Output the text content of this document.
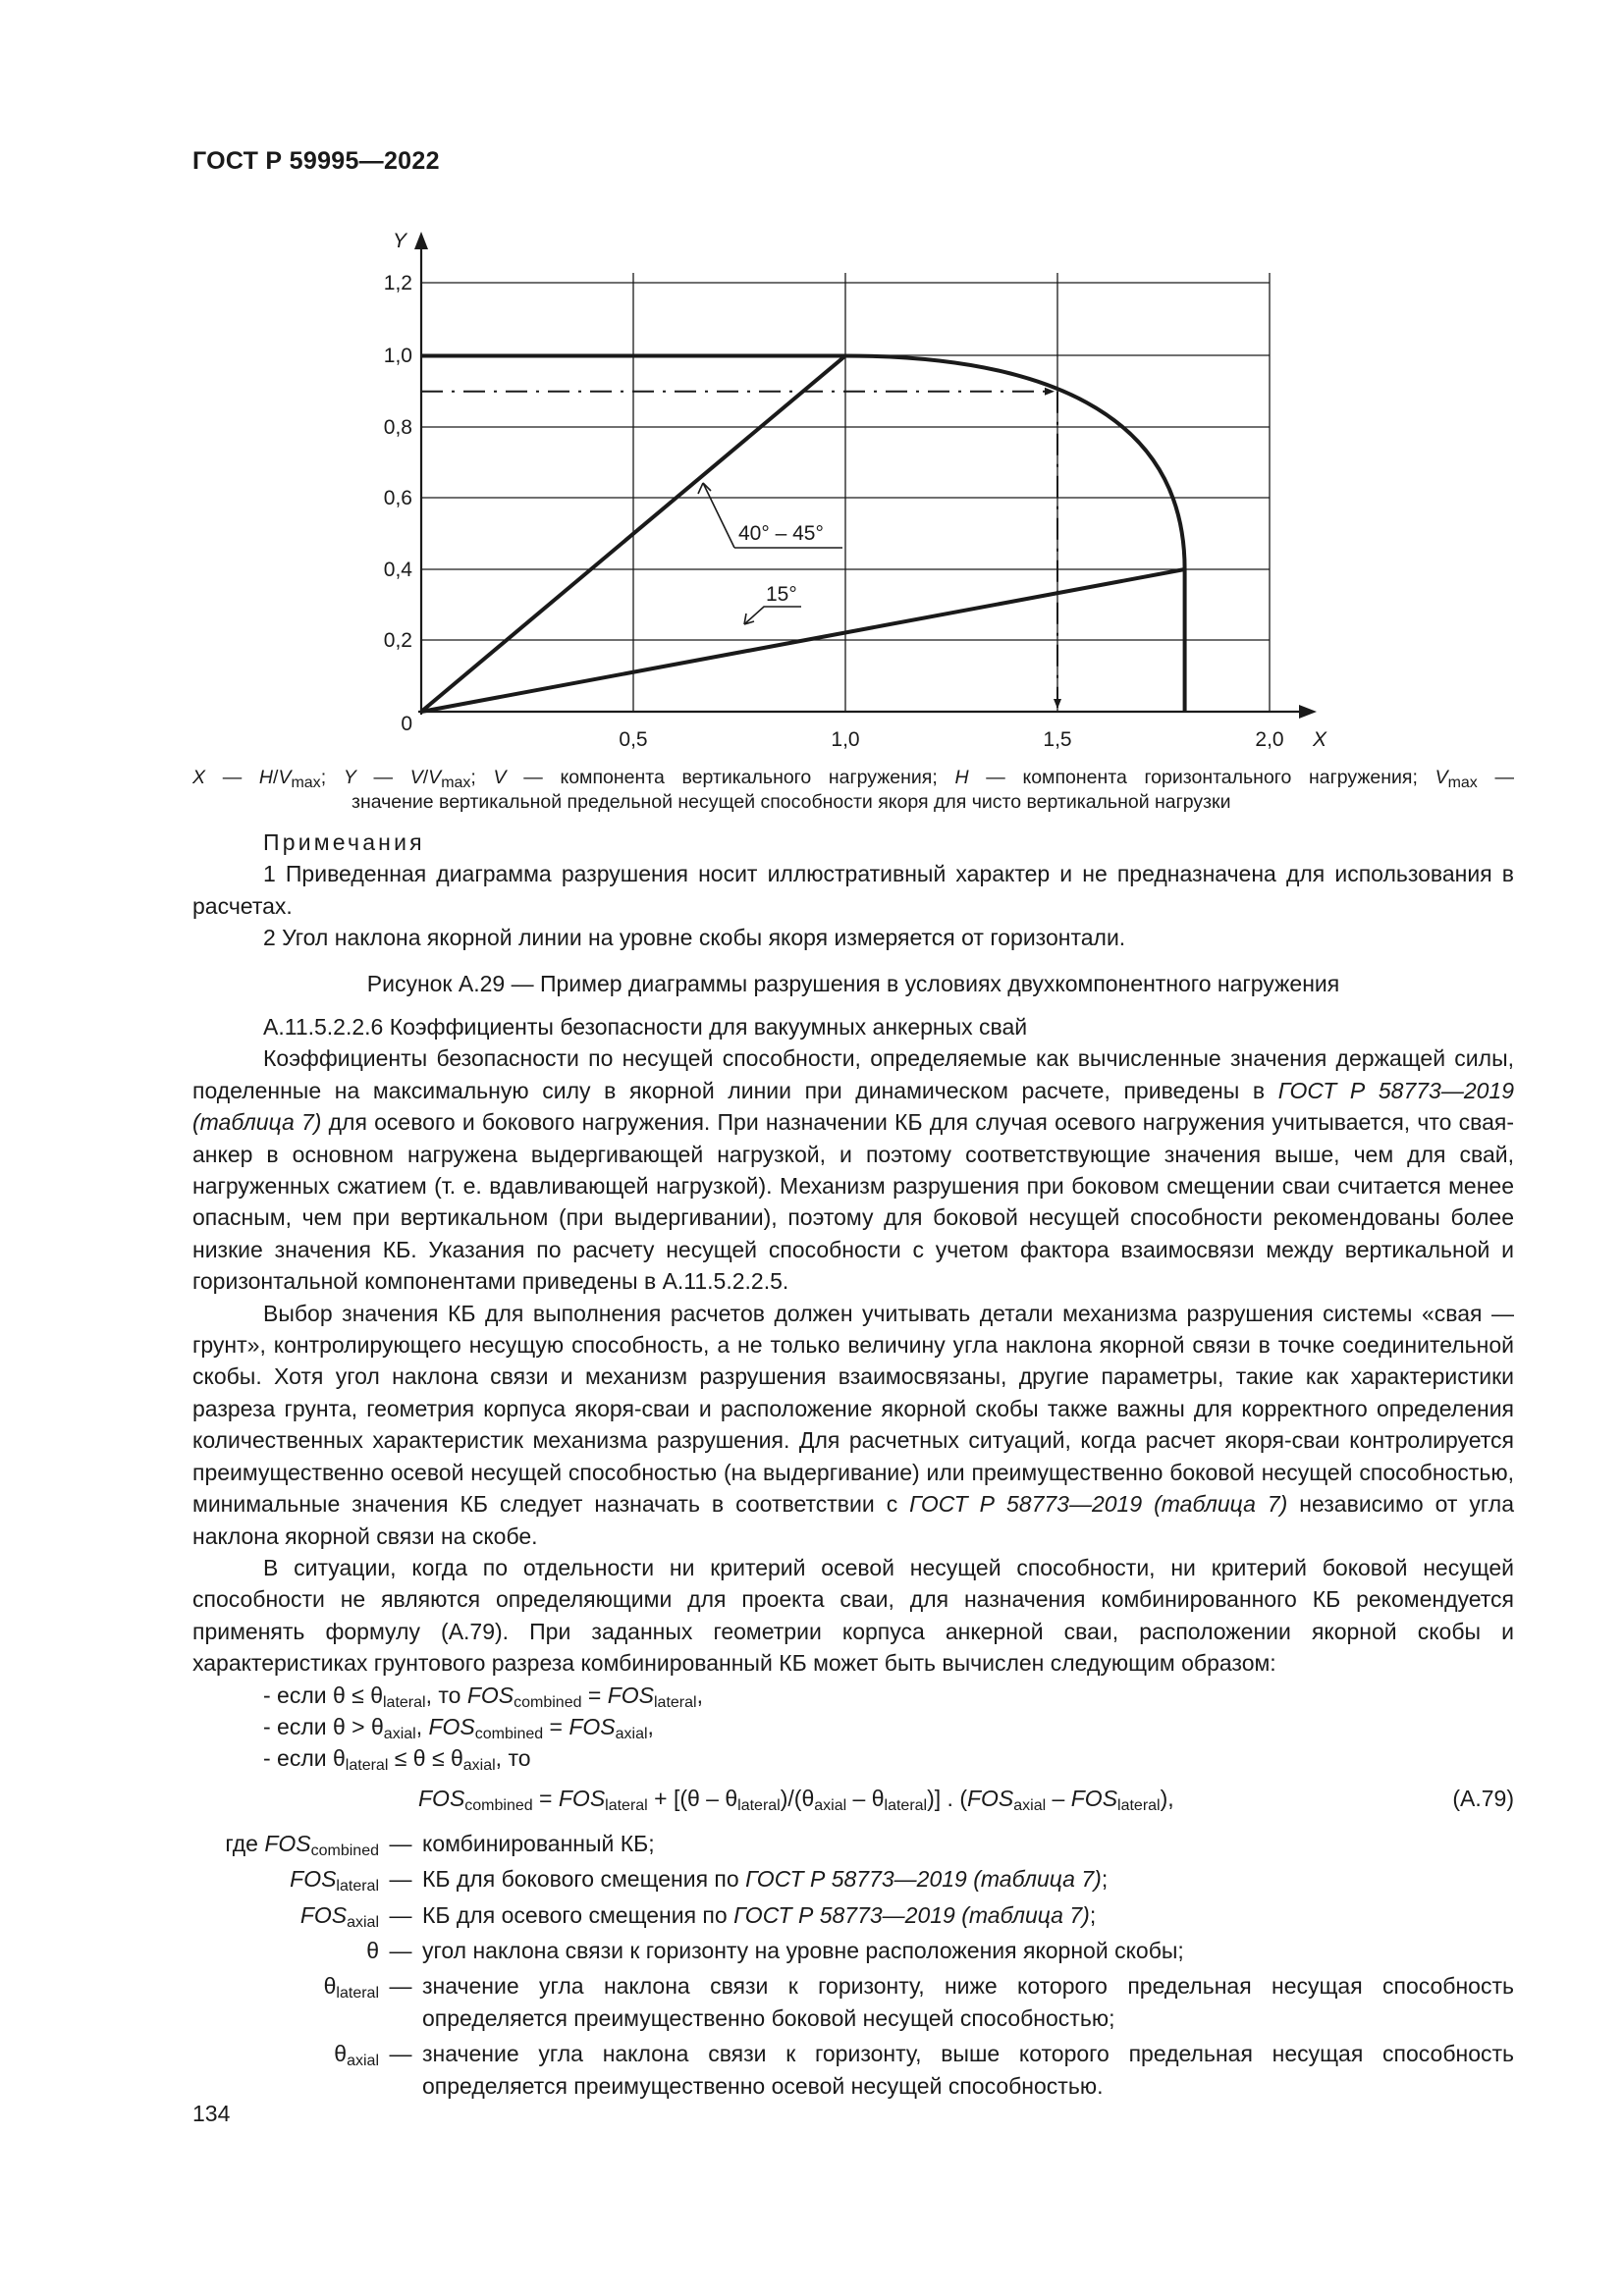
ГОСТ Р 59995—2022
Y
1,2
1,0
0,8
0,6
0,4
0,2
0
0,5	1,0	1,5	2,0 X
40° – 45°
15°
X — $H/V_{max}$; Y — $V/V_{max}$; V — компонента вертикального нагружения; H — компонента горизонтального нагружения; $V_{max}$ —
значение вертикальной предельной несущей способности якоря для чисто вертикальной нагрузки
Примечания

1 Приведенная диаграмма разрушения носит иллюстративный характер и не предназначена для использования в расчетах.

2 Угол наклона якорной линии на уровне скобы якоря измеряется от горизонтали.

Рисунок А.29 — Пример диаграммы разрушения в условиях двухкомпонентного нагружения
А.11.5.2.2.6 Коэффициенты безопасности для вакуумных анкерных свай

Коэффициенты безопасности по несущей способности, определяемые как вычисленные значения держащей силы, поделенные на максимальную силу в якорной линии при динамическом расчете, приведены в ГОСТ Р 58773—2019 (таблица 7) для осевого и бокового нагружения. При назначении КБ для случая осевого нагружения учитывается, что свая-анкер в основном нагружена выдергивающей нагрузкой, и поэтому соответствующие значения выше, чем для свай, нагруженных сжатием (т. е. вдавливающей нагрузкой). Механизм разрушения при боковом смещении сваи считается менее опасным, чем при вертикальном (при выдергивании), поэтому для боковой несущей способности рекомендованы более низкие значения КБ. Указания по расчету несущей способности с учетом фактора взаимосвязи между вертикальной и горизонтальной компонентами приведены в А.11.5.2.2.5.

Выбор значения КБ для выполнения расчетов должен учитывать детали механизма разрушения системы «свая — грунт», контролирующего несущую способность, а не только величину угла наклона якорной связи в точке соединительной скобы. Хотя угол наклона связи и механизм разрушения взаимосвязаны, другие параметры, такие как характеристики разреза грунта, геометрия корпуса якоря-сваи и расположение якорной скобы также важны для корректного определения количественных характеристик механизма разрушения. Для расчетных ситуаций, когда расчет якоря-сваи контролируется преимущественно осевой несущей способностью (на выдергивание) или преимущественно боковой несущей способностью, минимальные значения КБ следует назначать в соответствии с ГОСТ Р 58773—2019 (таблица 7) независимо от угла наклона якорной связи на скобе.

В ситуации, когда по отдельности ни критерий осевой несущей способности, ни критерий боковой несущей способности не являются определяющими для проекта сваи, для назначения комбинированного КБ рекомендуется применять формулу (А.79). При заданных геометрии корпуса анкерной сваи, расположении якорной скобы и характеристиках грунтового разреза комбинированный КБ может быть вычислен следующим образом:

- если $\theta \le \theta_{lateral}$, то $FOS_{combined} = FOS_{lateral}$,
- если $\theta > \theta_{axial}$, $FOS_{combined} = FOS_{axial}$,
- если $\theta_{lateral} \le \theta \le \theta_{axial}$, то
$FOS_{combined} = FOS_{lateral} + [(\theta - \theta_{lateral})/(\theta_{axial} - \theta_{lateral})]$ . $(FOS_{axial} - FOS_{lateral})$,	(А.79)
где $FOS_{combined}$ — комбинированный КБ;
$FOS_{lateral}$ — КБ для бокового смещения по ГОСТ Р 58773—2019 (таблица 7);
$FOS_{axial}$ — КБ для осевого смещения по ГОСТ Р 58773—2019 (таблица 7);
θ — угол наклона связи к горизонту на уровне расположения якорной скобы;
$\theta_{lateral}$ — значение угла наклона связи к горизонту, ниже которого предельная несущая способность определяется преимущественно боковой несущей способностью;
$\theta_{axial}$ — значение угла наклона связи к горизонту, выше которого предельная несущая способность определяется преимущественно осевой несущей способностью.
134
